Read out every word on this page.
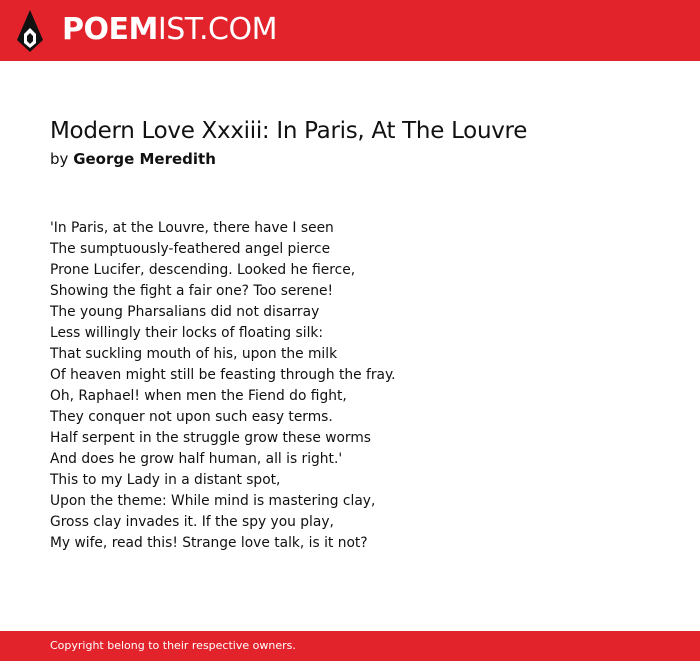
POEMIST.COM
Modern Love Xxxiii: In Paris, At The Louvre
by George Meredith
'In Paris, at the Louvre, there have I seen
The sumptuously-feathered angel pierce
Prone Lucifer, descending. Looked he fierce,
Showing the fight a fair one? Too serene!
The young Pharsalians did not disarray
Less willingly their locks of floating silk:
That suckling mouth of his, upon the milk
Of heaven might still be feasting through the fray.
Oh, Raphael! when men the Fiend do fight,
They conquer not upon such easy terms.
Half serpent in the struggle grow these worms
And does he grow half human, all is right.'
This to my Lady in a distant spot,
Upon the theme: While mind is mastering clay,
Gross clay invades it. If the spy you play,
My wife, read this! Strange love talk, is it not?
Copyright belong to their respective owners.
